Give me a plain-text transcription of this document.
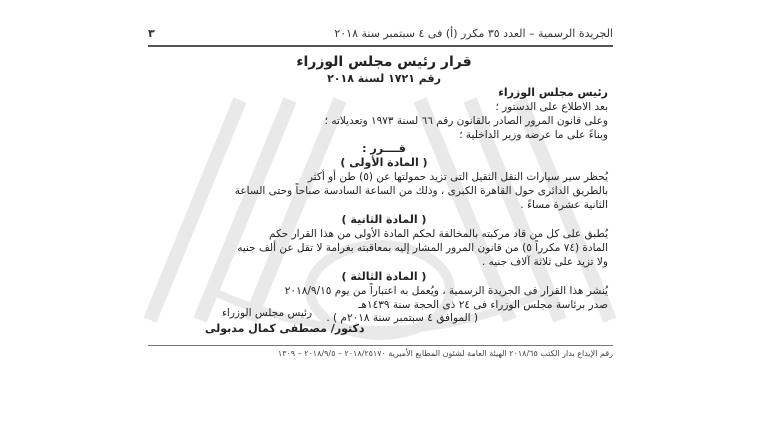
٣	الجريدة الرسمية – العدد ٣٥ مكرر (أ) فى ٤ سبتمبر سنة ٢٠١٨
قرار رئيس مجلس الوزراء
رقم ١٧٢١ لسنة ٢٠١٨
رئيس مجلس الوزراء
بعد الاطلاع على الدستور ؛
وعلى قانون المرور الصادر بالقانون رقم ٦٦ لسنة ١٩٧٣ وتعديلاته ؛
وبناءً على ما عرضه وزير الداخلية ؛
قــــرر :
( المادة الأولى )
يُحظر سير سيارات النقل الثقيل التى تزيد حمولتها عن (٥) طن أو أكثر
بالطريق الدائرى حول القاهرة الكبرى ، وذلك من الساعة السادسة صباحاً وحتى الساعة
الثانية عشرة مساءً .
( المادة الثانية )
يُطبق على كل من قاد مركبته بالمخالفة لحكم المادة الأولى من هذا القرار حكم
المادة (٧٤ مكرراً ٥) من قانون المرور المشار إليه بمعاقبته بغرامة لا تقل عن ألف جنيه
ولا تزيد على ثلاثة آلاف جنيه .
( المادة الثالثة )
يُنشر هذا القرار فى الجريدة الرسمية ، ويُعمل به اعتباراً من يوم ٢٠١٨/٩/١٥
صدر برئاسة مجلس الوزراء فى ٢٤ ذى الحجة سنة ١٤٣٩هـ
( الموافق ٤ سبتمبر سنة ٢٠١٨م ) .
رئيس مجلس الوزراء
دكتور/ مصطفى كمال مدبولى
رقم الإيداع بدار الكتب ٢٠١٨/٦٥ الهيئة العامة لشئون المطابع الأميرية ٢٠١٨/٢٥١٧٠ – ٢٠١٨/٩/٥ – ١٣٠٩
